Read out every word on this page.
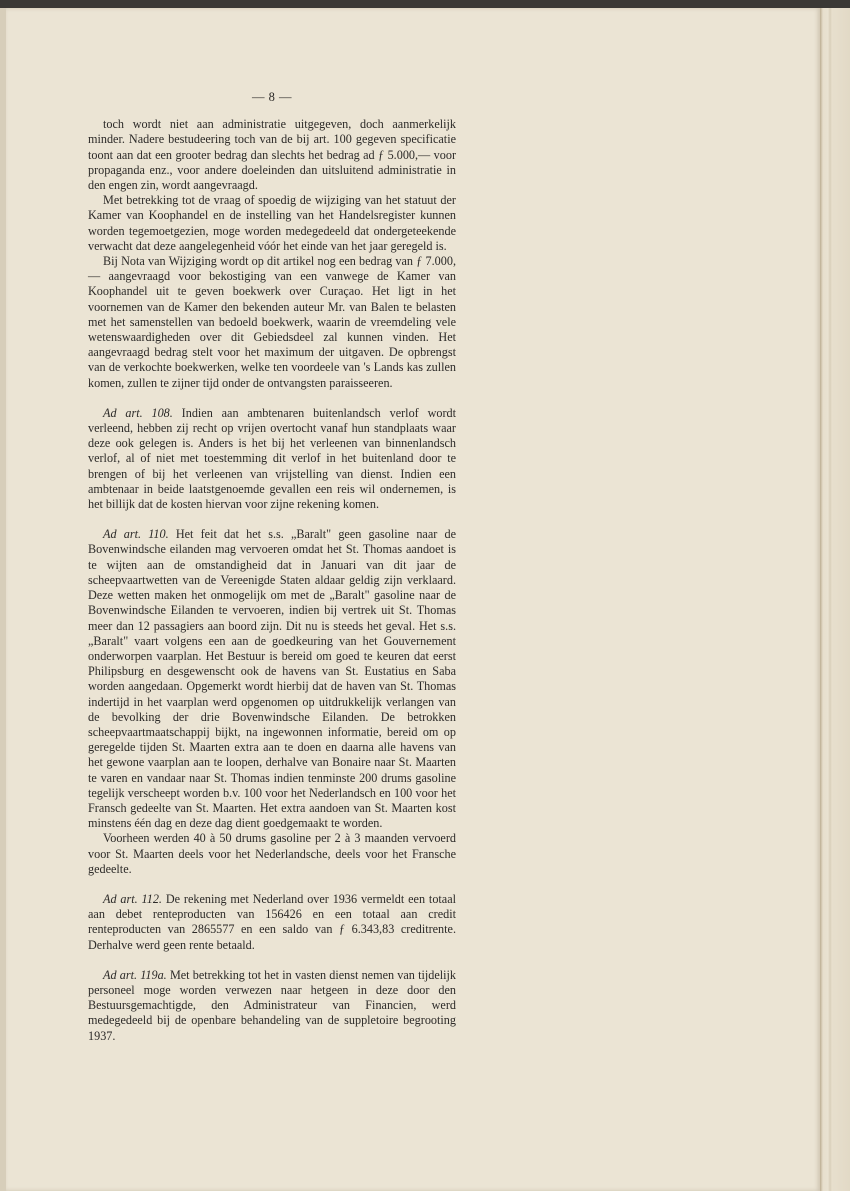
— 8 —

toch wordt niet aan administratie uitgegeven, doch aanmerkelijk minder. Nadere bestudeering toch van de bij art. 100 gegeven specificatie toont aan dat een grooter bedrag dan slechts het bedrag ad ƒ 5.000,— voor propaganda enz., voor andere doeleinden dan uitsluitend administratie in den engen zin, wordt aangevraagd.

Met betrekking tot de vraag of spoedig de wijziging van het statuut der Kamer van Koophandel en de instelling van het Handelsregister kunnen worden tegemoetgezien, moge worden medegedeeld dat ondergeteekende verwacht dat deze aangelegenheid vóór het einde van het jaar geregeld is.

Bij Nota van Wijziging wordt op dit artikel nog een bedrag van ƒ 7.000,— aangevraagd voor bekostiging van een vanwege de Kamer van Koophandel uit te geven boekwerk over Curaçao. Het ligt in het voornemen van de Kamer den bekenden auteur Mr. van Balen te belasten met het samenstellen van bedoeld boekwerk, waarin de vreemdeling vele wetenswaardigheden over dit Gebiedsdeel zal kunnen vinden. Het aangevraagd bedrag stelt voor het maximum der uitgaven. De opbrengst van de verkochte boekwerken, welke ten voordeele van 's Lands kas zullen komen, zullen te zijner tijd onder de ontvangsten paraisseeren.

Ad art. 108. Indien aan ambtenaren buitenlandsch verlof wordt verleend, hebben zij recht op vrijen overtocht vanaf hun standplaats waar deze ook gelegen is. Anders is het bij het verleenen van binnenlandsch verlof, al of niet met toestemming dit verlof in het buitenland door te brengen of bij het verleenen van vrijstelling van dienst. Indien een ambtenaar in beide laatstgenoemde gevallen een reis wil ondernemen, is het billijk dat de kosten hiervan voor zijne rekening komen.

Ad art. 110. Het feit dat het s.s. „Baralt" geen gasoline naar de Bovenwindsche eilanden mag vervoeren omdat het St. Thomas aandoet is te wijten aan de omstandigheid dat in Januari van dit jaar de scheepvaartwetten van de Vereenigde Staten aldaar geldig zijn verklaard. Deze wetten maken het onmogelijk om met de „Baralt" gasoline naar de Bovenwindsche Eilanden te vervoeren, indien bij vertrek uit St. Thomas meer dan 12 passagiers aan boord zijn. Dit nu is steeds het geval. Het s.s. „Baralt" vaart volgens een aan de goedkeuring van het Gouvernement onderworpen vaarplan. Het Bestuur is bereid om goed te keuren dat eerst Philipsburg en desgewenscht ook de havens van St. Eustatius en Saba worden aangedaan. Opgemerkt wordt hierbij dat de haven van St. Thomas indertijd in het vaarplan werd opgenomen op uitdrukkelijk verlangen van de bevolking der drie Bovenwindsche Eilanden. De betrokken scheepvaartmaatschappij bijkt, na ingewonnen informatie, bereid om op geregelde tijden St. Maarten extra aan te doen en daarna alle havens van het gewone vaarplan aan te loopen, derhalve van Bonaire naar St. Maarten te varen en vandaar naar St. Thomas indien tenminste 200 drums gasoline tegelijk verscheept worden b.v. 100 voor het Nederlandsch en 100 voor het Fransch gedeelte van St. Maarten. Het extra aandoen van St. Maarten kost minstens één dag en deze dag dient goedgemaakt te worden.

Voorheen werden 40 à 50 drums gasoline per 2 à 3 maanden vervoerd voor St. Maarten deels voor het Nederlandsche, deels voor het Fransche gedeelte.

Ad art. 112. De rekening met Nederland over 1936 vermeldt een totaal aan debet renteproducten van 156426 en een totaal aan credit renteproducten van 2865577 en een saldo van ƒ 6.343,83 creditrente. Derhalve werd geen rente betaald.

Ad art. 119a. Met betrekking tot het in vasten dienst nemen van tijdelijk personeel moge worden verwezen naar hetgeen in deze door den Bestuursgemachtigde, den Administrateur van Financien, werd medegedeeld bij de openbare behandeling van de suppletoire begrooting 1937.
